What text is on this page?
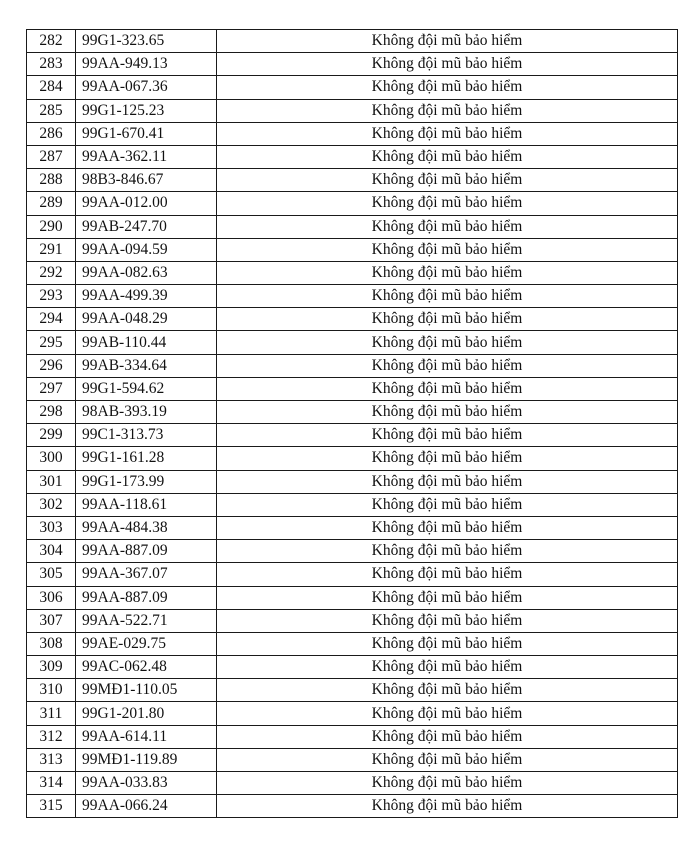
282	99G1-323.65	Không đội mũ bảo hiểm
283	99AA-949.13	Không đội mũ bảo hiểm
284	99AA-067.36	Không đội mũ bảo hiểm
285	99G1-125.23	Không đội mũ bảo hiểm
286	99G1-670.41	Không đội mũ bảo hiểm
287	99AA-362.11	Không đội mũ bảo hiểm
288	98B3-846.67	Không đội mũ bảo hiểm
289	99AA-012.00	Không đội mũ bảo hiểm
290	99AB-247.70	Không đội mũ bảo hiểm
291	99AA-094.59	Không đội mũ bảo hiểm
292	99AA-082.63	Không đội mũ bảo hiểm
293	99AA-499.39	Không đội mũ bảo hiểm
294	99AA-048.29	Không đội mũ bảo hiểm
295	99AB-110.44	Không đội mũ bảo hiểm
296	99AB-334.64	Không đội mũ bảo hiểm
297	99G1-594.62	Không đội mũ bảo hiểm
298	98AB-393.19	Không đội mũ bảo hiểm
299	99C1-313.73	Không đội mũ bảo hiểm
300	99G1-161.28	Không đội mũ bảo hiểm
301	99G1-173.99	Không đội mũ bảo hiểm
302	99AA-118.61	Không đội mũ bảo hiểm
303	99AA-484.38	Không đội mũ bảo hiểm
304	99AA-887.09	Không đội mũ bảo hiểm
305	99AA-367.07	Không đội mũ bảo hiểm
306	99AA-887.09	Không đội mũ bảo hiểm
307	99AA-522.71	Không đội mũ bảo hiểm
308	99AE-029.75	Không đội mũ bảo hiểm
309	99AC-062.48	Không đội mũ bảo hiểm
310	99MĐ1-110.05	Không đội mũ bảo hiểm
311	99G1-201.80	Không đội mũ bảo hiểm
312	99AA-614.11	Không đội mũ bảo hiểm
313	99MĐ1-119.89	Không đội mũ bảo hiểm
314	99AA-033.83	Không đội mũ bảo hiểm
315	99AA-066.24	Không đội mũ bảo hiểm
